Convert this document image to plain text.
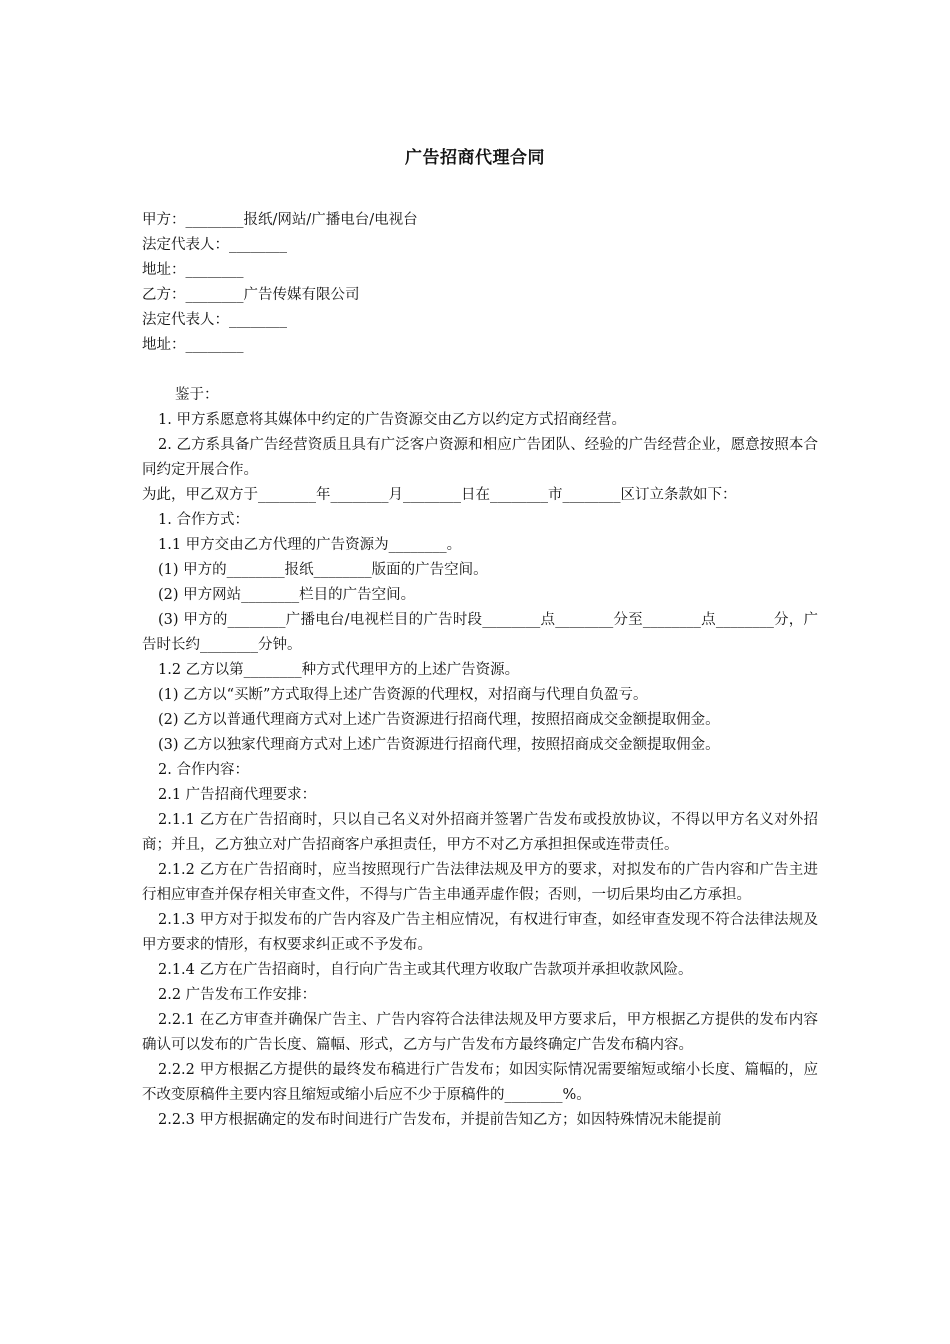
广告招商代理合同
甲方：________报纸/网站/广播电台/电视台
法定代表人：________
地址：________
乙方：________广告传媒有限公司
法定代表人：________
地址：________

鉴于：

1. 甲方系愿意将其媒体中约定的广告资源交由乙方以约定方式招商经营。

2. 乙方系具备广告经营资质且具有广泛客户资源和相应广告团队、经验的广告经营企业，愿意按照本合同约定开展合作。

为此，甲乙双方于________年________月________日在________市________区订立条款如下：

1. 合作方式：

1.1 甲方交由乙方代理的广告资源为________。

(1) 甲方的________报纸________版面的广告空间。

(2) 甲方网站________栏目的广告空间。

(3) 甲方的________广播电台/电视栏目的广告时段________点________分至________点________分，广告时长约________分钟。

1.2 乙方以第________种方式代理甲方的上述广告资源。

(1) 乙方以“买断”方式取得上述广告资源的代理权，对招商与代理自负盈亏。

(2) 乙方以普通代理商方式对上述广告资源进行招商代理，按照招商成交金额提取佣金。

(3) 乙方以独家代理商方式对上述广告资源进行招商代理，按照招商成交金额提取佣金。

2. 合作内容：

2.1 广告招商代理要求：

2.1.1 乙方在广告招商时，只以自己名义对外招商并签署广告发布或投放协议，不得以甲方名义对外招商；并且，乙方独立对广告招商客户承担责任，甲方不对乙方承担担保或连带责任。

2.1.2 乙方在广告招商时，应当按照现行广告法律法规及甲方的要求，对拟发布的广告内容和广告主进行相应审查并保存相关审查文件，不得与广告主串通弄虚作假；否则，一切后果均由乙方承担。

2.1.3 甲方对于拟发布的广告内容及广告主相应情况，有权进行审查，如经审查发现不符合法律法规及甲方要求的情形，有权要求纠正或不予发布。

2.1.4 乙方在广告招商时，自行向广告主或其代理方收取广告款项并承担收款风险。

2.2 广告发布工作安排：

2.2.1 在乙方审查并确保广告主、广告内容符合法律法规及甲方要求后，甲方根据乙方提供的发布内容确认可以发布的广告长度、篇幅、形式，乙方与广告发布方最终确定广告发布稿内容。

2.2.2 甲方根据乙方提供的最终发布稿进行广告发布；如因实际情况需要缩短或缩小长度、篇幅的，应不改变原稿件主要内容且缩短或缩小后应不少于原稿件的________%。

2.2.3 甲方根据确定的发布时间进行广告发布，并提前告知乙方；如因特殊情况未能提前
